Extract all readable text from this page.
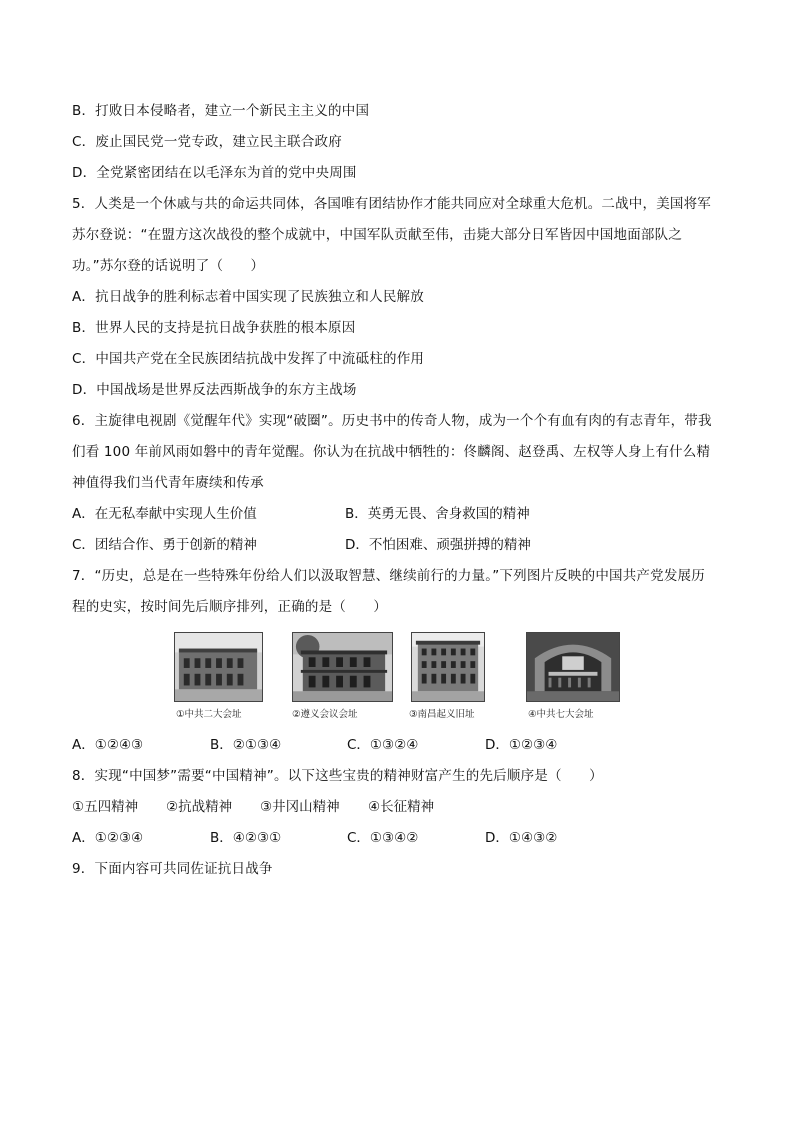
B．打败日本侵略者，建立一个新民主主义的中国
C．废止国民党一党专政，建立民主联合政府
D．全党紧密团结在以毛泽东为首的党中央周围
5．人类是一个休戚与共的命运共同体，各国唯有团结协作才能共同应对全球重大危机。二战中，美国将军
苏尔登说：“在盟方这次战役的整个成就中，中国军队贡献至伟，击毙大部分日军皆因中国地面部队之
功。”苏尔登的话说明了（　　）
A．抗日战争的胜利标志着中国实现了民族独立和人民解放
B．世界人民的支持是抗日战争获胜的根本原因
C．中国共产党在全民族团结抗战中发挥了中流砥柱的作用
D．中国战场是世界反法西斯战争的东方主战场
6．主旋律电视剧《觉醒年代》实现“破圈”。历史书中的传奇人物，成为一个个有血有肉的有志青年，带我
们看 100 年前风雨如磐中的青年觉醒。你认为在抗战中牺牲的：佟麟阁、赵登禹、左权等人身上有什么精
神值得我们当代青年赓续和传承
A．在无私奉献中实现人生价值	B．英勇无畏、舍身救国的精神
C．团结合作、勇于创新的精神	D．不怕困难、顽强拼搏的精神
7．“历史，总是在一些特殊年份给人们以汲取智慧、继续前行的力量。”下列图片反映的中国共产党发展历
程的史实，按时间先后顺序排列，正确的是（　　）
①中共二大会址	②遵义会议会址	③南昌起义旧址	④中共七大会址
A．①②④③	B．②①③④	C．①③②④	D．①②③④
8．实现“中国梦”需要“中国精神”。以下这些宝贵的精神财富产生的先后顺序是（　　）
①五四精神 ②抗战精神 ③井冈山精神 ④长征精神
A．①②③④	B．④②③①	C．①③④②	D．①④③②
9．下面内容可共同佐证抗日战争
